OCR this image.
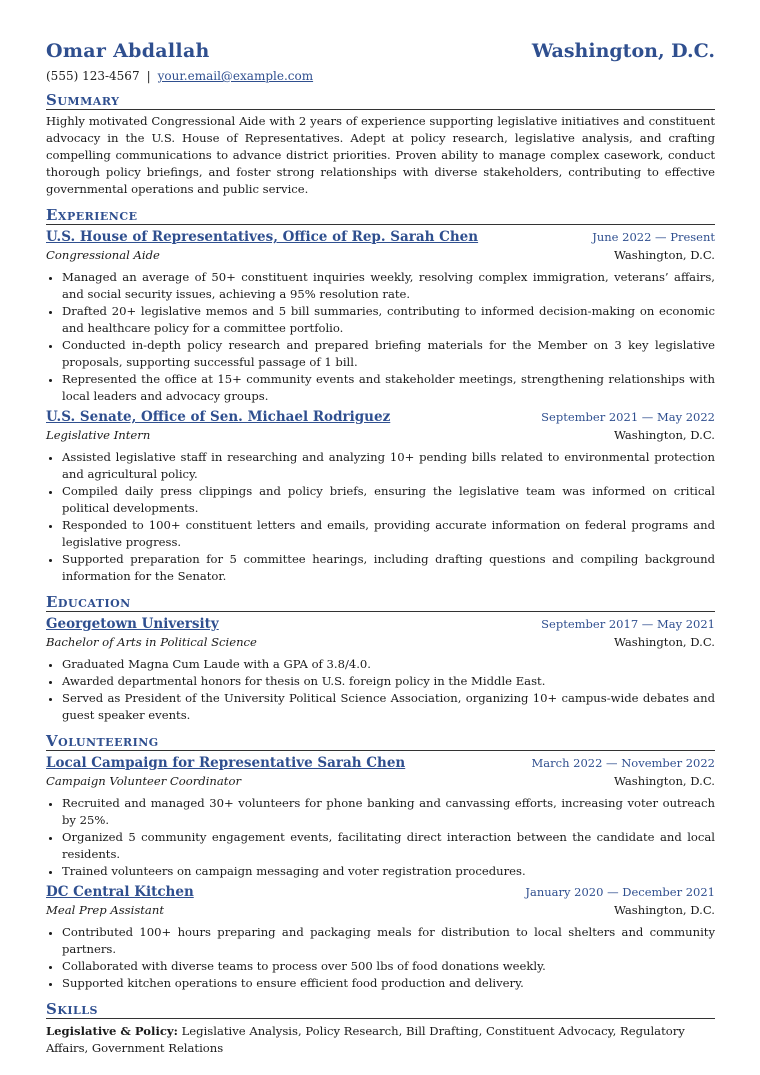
Omar Abdallah	Washington, D.C.
(555) 123-4567 | your.email@example.com
Summary
Highly motivated Congressional Aide with 2 years of experience supporting legislative initiatives and constituent advocacy in the U.S. House of Representatives. Adept at policy research, legislative analysis, and crafting compelling communications to advance district priorities. Proven ability to manage complex casework, conduct thorough policy briefings, and foster strong relationships with diverse stakeholders, contributing to effective governmental operations and public service.
Experience
U.S. House of Representatives, Office of Rep. Sarah Chen	June 2022 — Present
Congressional Aide	Washington, D.C.
• Managed an average of 50+ constituent inquiries weekly, resolving complex immigration, veterans’ affairs, and social security issues, achieving a 95% resolution rate.
• Drafted 20+ legislative memos and 5 bill summaries, contributing to informed decision-making on economic and healthcare policy for a committee portfolio.
• Conducted in-depth policy research and prepared briefing materials for the Member on 3 key legislative proposals, supporting successful passage of 1 bill.
• Represented the office at 15+ community events and stakeholder meetings, strengthening relationships with local leaders and advocacy groups.
U.S. Senate, Office of Sen. Michael Rodriguez	September 2021 — May 2022
Legislative Intern	Washington, D.C.
• Assisted legislative staff in researching and analyzing 10+ pending bills related to environmental protection and agricultural policy.
• Compiled daily press clippings and policy briefs, ensuring the legislative team was informed on critical political developments.
• Responded to 100+ constituent letters and emails, providing accurate information on federal programs and legislative progress.
• Supported preparation for 5 committee hearings, including drafting questions and compiling background information for the Senator.
Education
Georgetown University	September 2017 — May 2021
Bachelor of Arts in Political Science	Washington, D.C.
• Graduated Magna Cum Laude with a GPA of 3.8/4.0.
• Awarded departmental honors for thesis on U.S. foreign policy in the Middle East.
• Served as President of the University Political Science Association, organizing 10+ campus-wide debates and guest speaker events.
Volunteering
Local Campaign for Representative Sarah Chen	March 2022 — November 2022
Campaign Volunteer Coordinator	Washington, D.C.
• Recruited and managed 30+ volunteers for phone banking and canvassing efforts, increasing voter outreach by 25%.
• Organized 5 community engagement events, facilitating direct interaction between the candidate and local residents.
• Trained volunteers on campaign messaging and voter registration procedures.
DC Central Kitchen	January 2020 — December 2021
Meal Prep Assistant	Washington, D.C.
• Contributed 100+ hours preparing and packaging meals for distribution to local shelters and community partners.
• Collaborated with diverse teams to process over 500 lbs of food donations weekly.
• Supported kitchen operations to ensure efficient food production and delivery.
Skills
Legislative & Policy: Legislative Analysis, Policy Research, Bill Drafting, Constituent Advocacy, Regulatory Affairs, Government Relations
